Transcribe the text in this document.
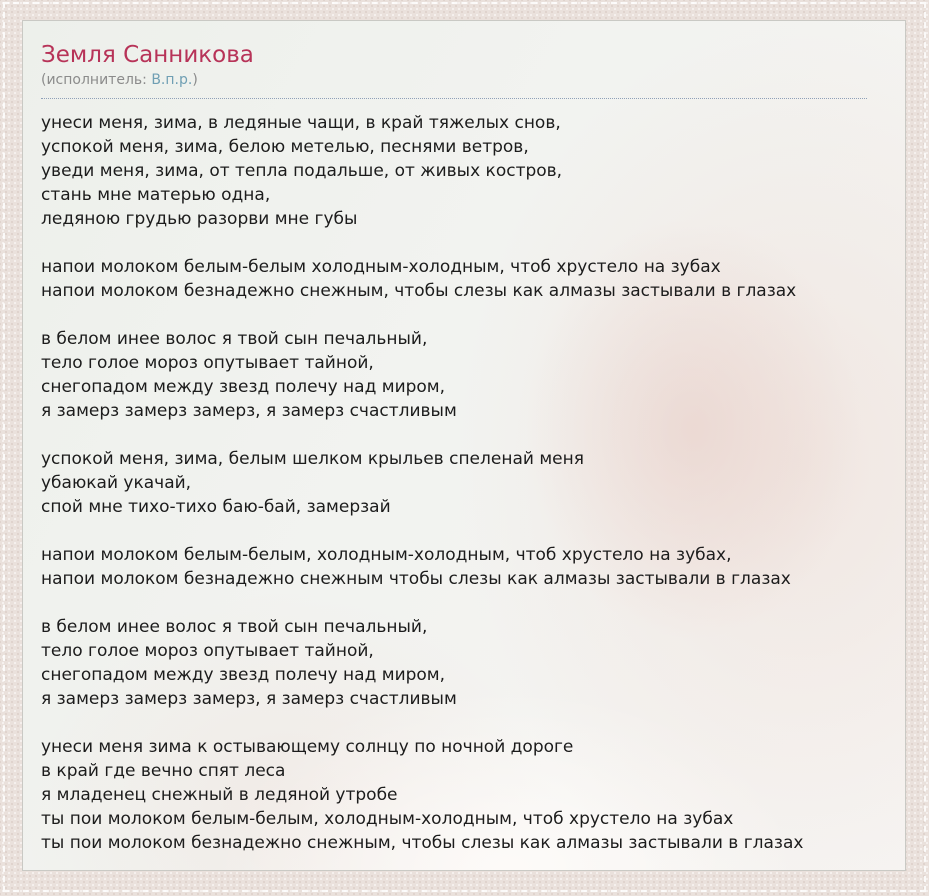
Земля Санникова

(исполнитель: В.п.р.)

унеси меня, зима, в ледяные чащи, в край тяжелых снов,
успокой меня, зима, белою метелью, песнями ветров,
уведи меня, зима, от тепла подальше, от живых костров,
стань мне матерью одна,
ледяною грудью разорви мне губы

напои молоком белым-белым холодным-холодным, чтоб хрустело на зубах
напои молоком безнадежно снежным, чтобы слезы как алмазы застывали в глазах

в белом инее волос я твой сын печальный,
тело голое мороз опутывает тайной,
снегопадом между звезд полечу над миром,
я замерз замерз замерз, я замерз счастливым

успокой меня, зима, белым шелком крыльев спеленай меня
убаюкай укачай,
спой мне тихо-тихо баю-бай, замерзай

напои молоком белым-белым, холодным-холодным, чтоб хрустело на зубах,
напои молоком безнадежно снежным чтобы слезы как алмазы застывали в глазах

в белом инее волос я твой сын печальный,
тело голое мороз опутывает тайной,
снегопадом между звезд полечу над миром,
я замерз замерз замерз, я замерз счастливым

унеси меня зима к остывающему солнцу по ночной дороге
в край где вечно спят леса
я младенец снежный в ледяной утробе
ты пои молоком белым-белым, холодным-холодным, чтоб хрустело на зубах
ты пои молоком безнадежно снежным, чтобы слезы как алмазы застывали в глазах
